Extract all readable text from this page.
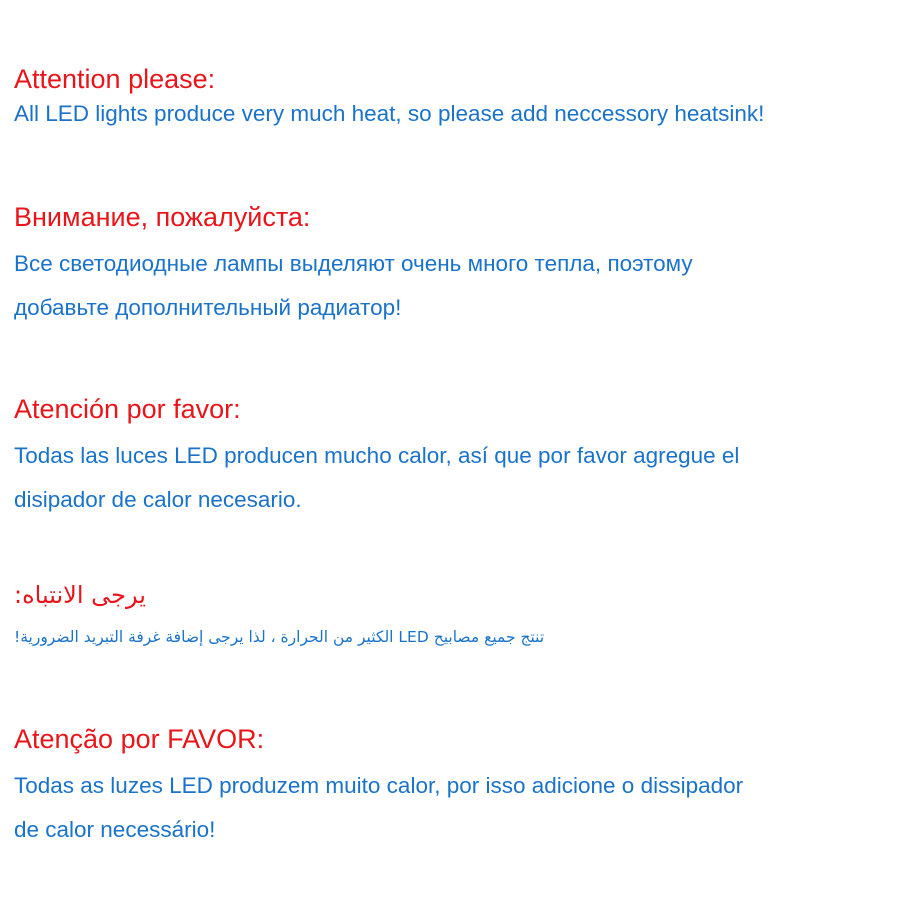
Attention please:
All LED lights produce very much heat, so please add neccessory heatsink!
Внимание, пожалуйста:
Все светодиодные лампы выделяют очень много тепла, поэтому
добавьте дополнительный радиатор!
Atención por favor:
Todas las luces LED producen mucho calor, así que por favor agregue el
disipador de calor necesario.
يرجى الانتباه:
تنتج جميع مصابيح LED الكثير من الحرارة ، لذا يرجى إضافة غرفة التبريد الضرورية!
Atenção por FAVOR:
Todas as luzes LED produzem muito calor, por isso adicione o dissipador
de calor necessário!
